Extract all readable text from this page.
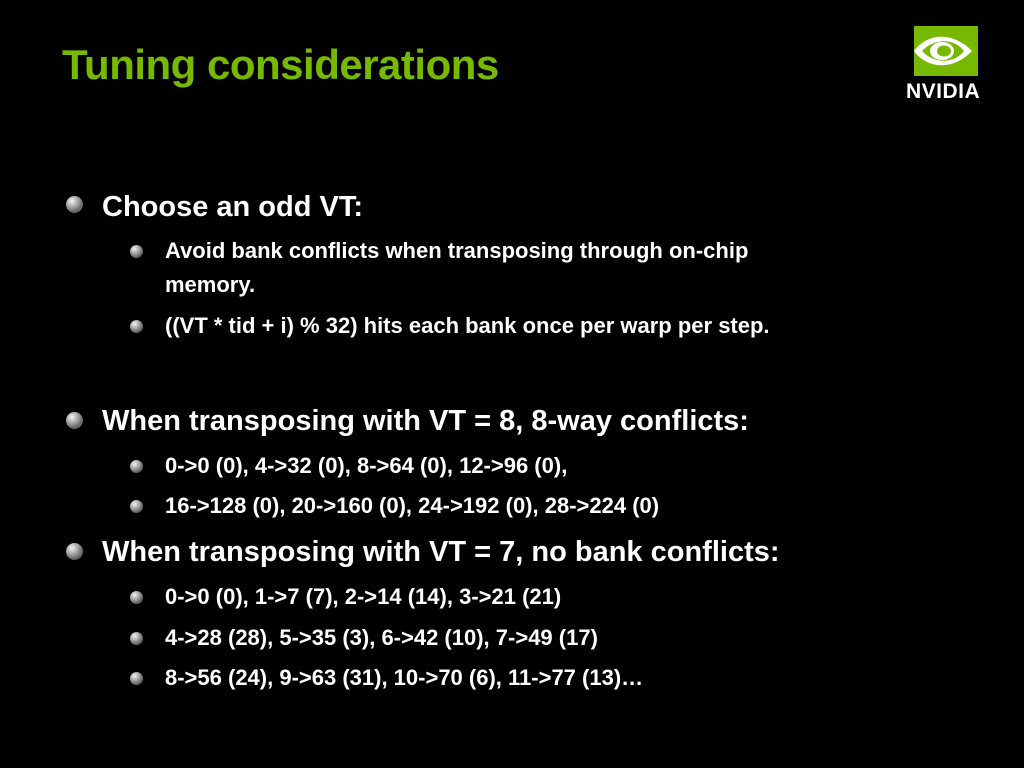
Tuning considerations
NVIDIA
Choose an odd VT:
Avoid bank conflicts when transposing through on-chip
memory.
((VT * tid + i) % 32) hits each bank once per warp per step.
When transposing with VT = 8, 8-way conflicts:
0->0 (0), 4->32 (0), 8->64 (0), 12->96 (0),
16->128 (0), 20->160 (0), 24->192 (0), 28->224 (0)
When transposing with VT = 7, no bank conflicts:
0->0 (0), 1->7 (7), 2->14 (14), 3->21 (21)
4->28 (28), 5->35 (3), 6->42 (10), 7->49 (17)
8->56 (24), 9->63 (31), 10->70 (6), 11->77 (13)…
